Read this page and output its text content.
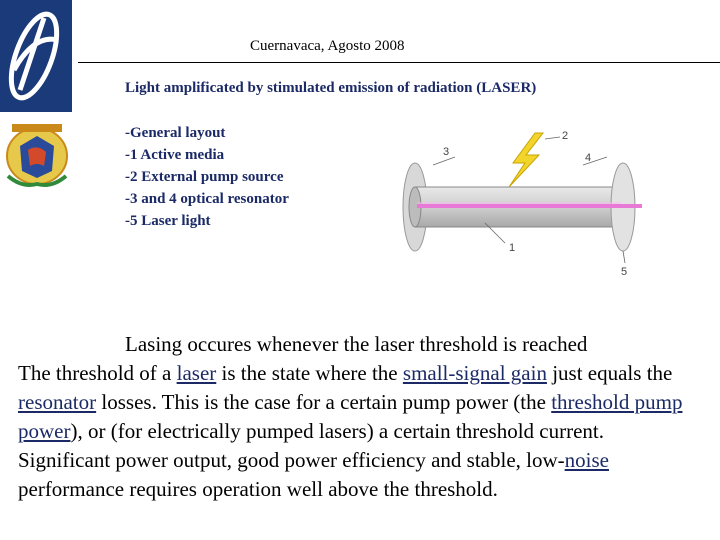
Cuernavaca, Agosto 2008
Light amplificated by stimulated emission of radiation (LASER)
-General layout
-1 Active media
-2 External pump source
-3 and 4 optical resonator
-5 Laser light
2
3	4
1
5

Lasing occures whenever the laser threshold is reached
The threshold of a laser is the state where the small-signal gain just equals the resonator losses. This is the case for a certain pump power (the threshold pump power), or (for electrically pumped lasers) a certain threshold current. Significant power output, good power efficiency and stable, low-noise performance requires operation well above the threshold.
